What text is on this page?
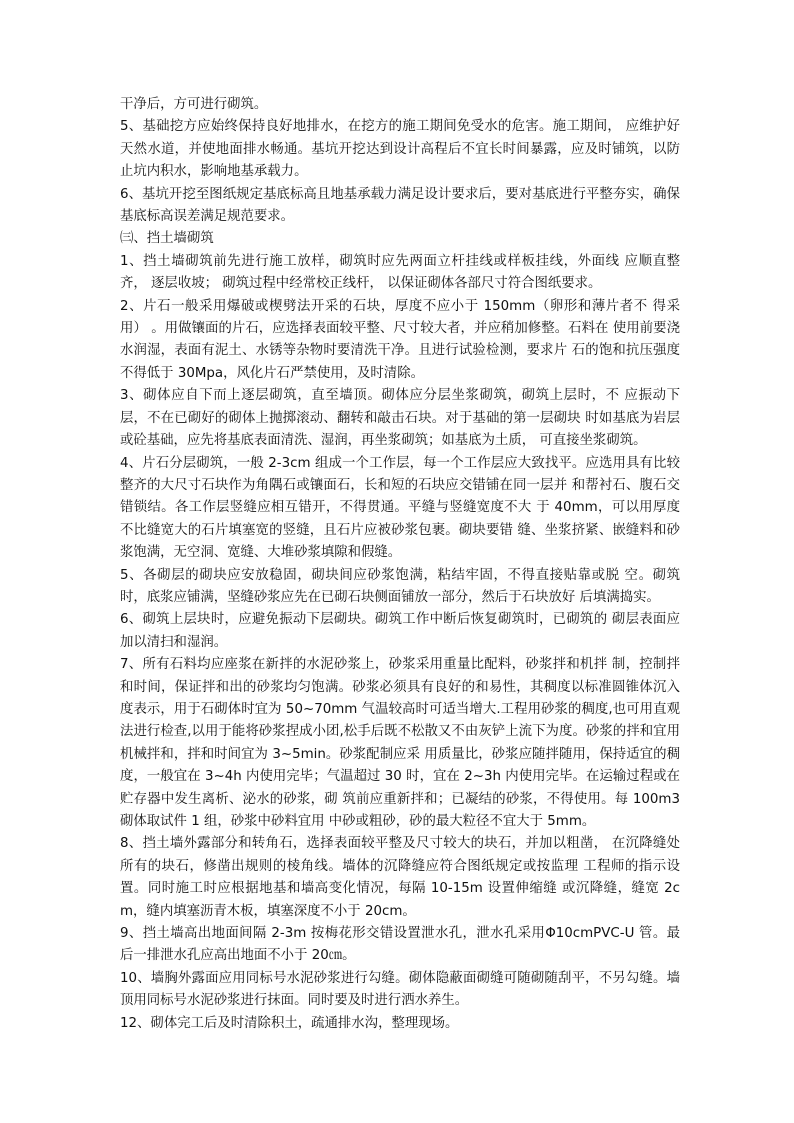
干净后，方可进行砌筑。

5、基础挖方应始终保持良好地排水，在挖方的施工期间免受水的危害。施工期间， 应维护好天然水道，并使地面排水畅通。基坑开挖达到设计高程后不宜长时间暴露，应及时铺筑，以防止坑内积水，影响地基承载力。

6、基坑开挖至图纸规定基底标高且地基承载力满足设计要求后，要对基底进行平整夯实，确保基底标高误差满足规范要求。

㈢、挡土墙砌筑

1、挡土墙砌筑前先进行施工放样，砌筑时应先两面立杆挂线或样板挂线，外面线 应顺直整齐， 逐层收坡； 砌筑过程中经常校正线杆， 以保证砌体各部尺寸符合图纸要求。

2、片石一般采用爆破或楔劈法开采的石块，厚度不应小于 150mm（卵形和薄片者不 得采用） 。用做镶面的片石，应选择表面较平整、尺寸较大者，并应稍加修整。石料在 使用前要浇水润湿，表面有泥土、水锈等杂物时要清洗干净。且进行试验检测，要求片 石的饱和抗压强度不得低于 30Mpa，风化片石严禁使用，及时清除。

3、砌体应自下而上逐层砌筑，直至墙顶。砌体应分层坐浆砌筑，砌筑上层时，不 应振动下层，不在已砌好的砌体上抛掷滚动、翻转和敲击石块。对于基础的第一层砌块 时如基底为岩层或砼基础，应先将基底表面清洗、湿润，再坐浆砌筑；如基底为土质， 可直接坐浆砌筑。

4、片石分层砌筑，一般 2-3cm 组成一个工作层，每一个工作层应大致找平。应选用具有比较整齐的大尺寸石块作为角隅石或镶面石，长和短的石块应交错铺在同一层并 和帮衬石、腹石交错锁结。各工作层竖缝应相互错开，不得贯通。平缝与竖缝宽度不大 于 40mm，可以用厚度不比缝宽大的石片填塞宽的竖缝，且石片应被砂浆包裹。砌块要错 缝、坐浆挤紧、嵌缝料和砂浆饱满，无空洞、宽缝、大堆砂浆填隙和假缝。

5、各砌层的砌块应安放稳固，砌块间应砂浆饱满，粘结牢固，不得直接贴靠或脱 空。砌筑时，底浆应铺满，坚缝砂浆应先在已砌石块侧面铺放一部分，然后于石块放好 后填满捣实。

6、砌筑上层块时，应避免振动下层砌块。砌筑工作中断后恢复砌筑时，已砌筑的 砌层表面应加以清扫和湿润。

7、所有石料均应座浆在新拌的水泥砂浆上，砂浆采用重量比配料，砂浆拌和机拌 制，控制拌和时间，保证拌和出的砂浆均匀饱满。砂浆必须具有良好的和易性，其稠度以标准圆锥体沉入度表示，用于石砌体时宜为 50~70mm 气温较高时可适当增大.工程用砂浆的稠度,也可用直观法进行检查,以用于能将砂浆捏成小团,松手后既不松散又不由灰铲上流下为度。砂浆的拌和宜用机械拌和，拌和时间宜为 3~5min。砂浆配制应采 用质量比，砂浆应随拌随用，保持适宜的稠度，一般宜在 3~4h 内使用完毕；气温超过 30 时，宜在 2~3h 内使用完毕。在运输过程或在贮存器中发生离析、泌水的砂浆，砌 筑前应重新拌和；已凝结的砂浆，不得使用。每 100m3 砌体取试件 1 组，砂浆中砂料宜用 中砂或粗砂，砂的最大粒径不宜大于 5mm。

8、挡土墙外露部分和转角石，选择表面较平整及尺寸较大的块石，并加以粗凿， 在沉降缝处所有的块石，修凿出规则的棱角线。墙体的沉降缝应符合图纸规定或按监理 工程师的指示设置。同时施工时应根据地基和墙高变化情况，每隔 10-15m 设置伸缩缝 或沉降缝，缝宽 2cm，缝内填塞沥青木板，填塞深度不小于 20cm。

9、挡土墙高出地面间隔 2-3m 按梅花形交错设置泄水孔，泄水孔采用Φ10cmPVC-U 管。最后一排泄水孔应高出地面不小于 20㎝。

10、墙胸外露面应用同标号水泥砂浆进行勾缝。砌体隐蔽面砌缝可随砌随刮平，不另勾缝。墙顶用同标号水泥砂浆进行抹面。同时要及时进行洒水养生。

12、砌体完工后及时清除积土，疏通排水沟，整理现场。
